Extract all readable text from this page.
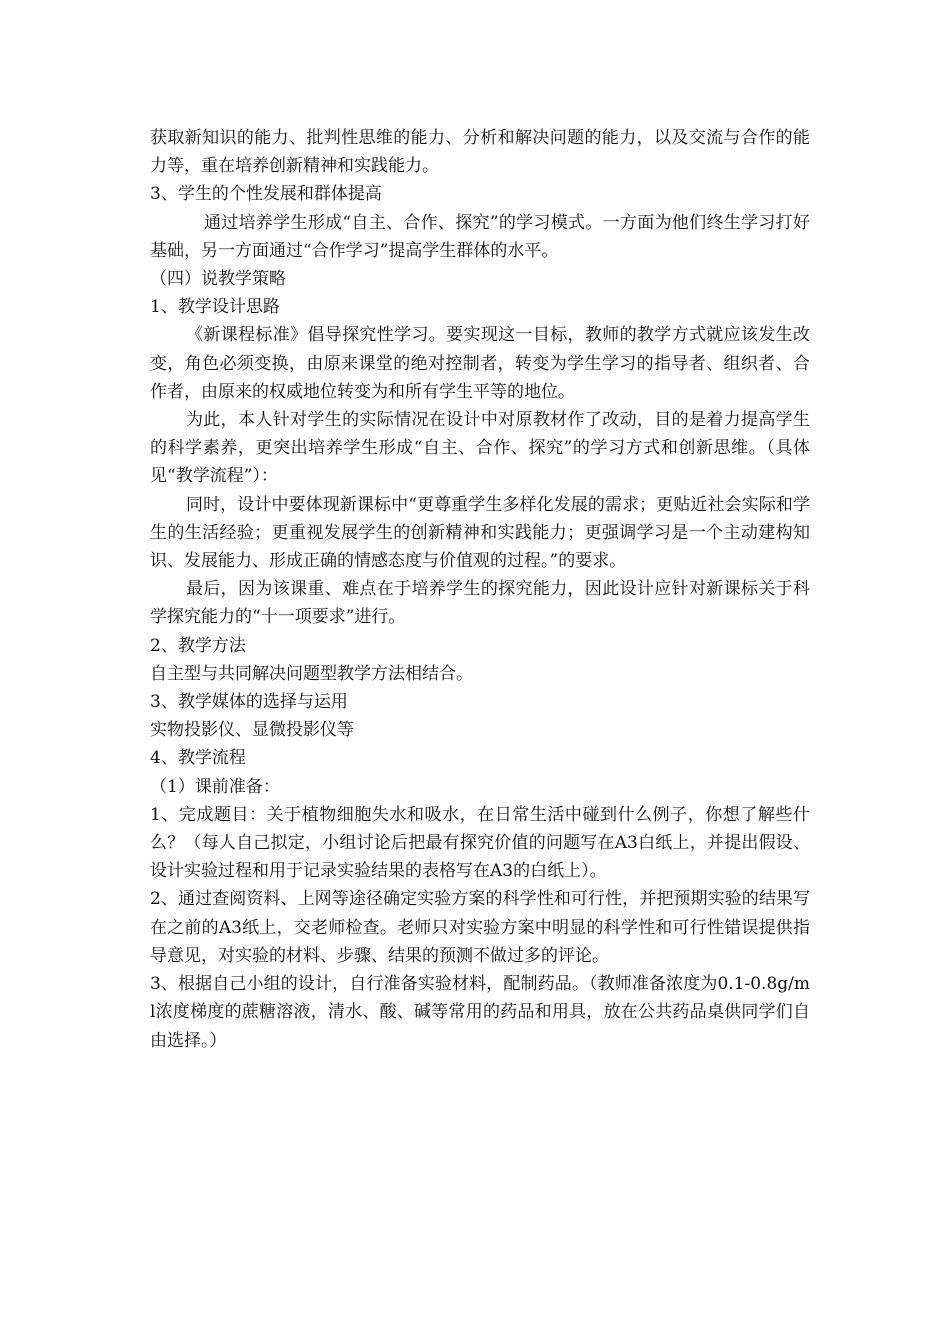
获取新知识的能力、批判性思维的能力、分析和解决问题的能力，以及交流与合作的能力等，重在培养创新精神和实践能力。

3、学生的个性发展和群体提高

通过培养学生形成“自主、合作、探究”的学习模式。一方面为他们终生学习打好基础，另一方面通过“合作学习”提高学生群体的水平。

（四）说教学策略

1、教学设计思路

《新课程标准》倡导探究性学习。要实现这一目标，教师的教学方式就应该发生改变，角色必须变换，由原来课堂的绝对控制者，转变为学生学习的指导者、组织者、合作者，由原来的权威地位转变为和所有学生平等的地位。

为此，本人针对学生的实际情况在设计中对原教材作了改动，目的是着力提高学生的科学素养，更突出培养学生形成“自主、合作、探究”的学习方式和创新思维。（具体见“教学流程”）：

同时，设计中要体现新课标中“更尊重学生多样化发展的需求；更贴近社会实际和学生的生活经验；更重视发展学生的创新精神和实践能力；更强调学习是一个主动建构知识、发展能力、形成正确的情感态度与价值观的过程。”的要求。

最后，因为该课重、难点在于培养学生的探究能力，因此设计应针对新课标关于科学探究能力的“十一项要求”进行。

2、教学方法

自主型与共同解决问题型教学方法相结合。

3、教学媒体的选择与运用

实物投影仪、显微投影仪等

4、教学流程

（1）课前准备：

1、完成题目：关于植物细胞失水和吸水，在日常生活中碰到什么例子，你想了解些什么？（每人自己拟定，小组讨论后把最有探究价值的问题写在A3白纸上，并提出假设、设计实验过程和用于记录实验结果的表格写在A3的白纸上）。

2、通过查阅资料、上网等途径确定实验方案的科学性和可行性，并把预期实验的结果写在之前的A3纸上，交老师检查。老师只对实验方案中明显的科学性和可行性错误提供指导意见，对实验的材料、步骤、结果的预测不做过多的评论。

3、根据自己小组的设计，自行准备实验材料，配制药品。（教师准备浓度为0.1-0.8g/ml浓度梯度的蔗糖溶液，清水、酸、碱等常用的药品和用具，放在公共药品桌供同学们自由选择。）
